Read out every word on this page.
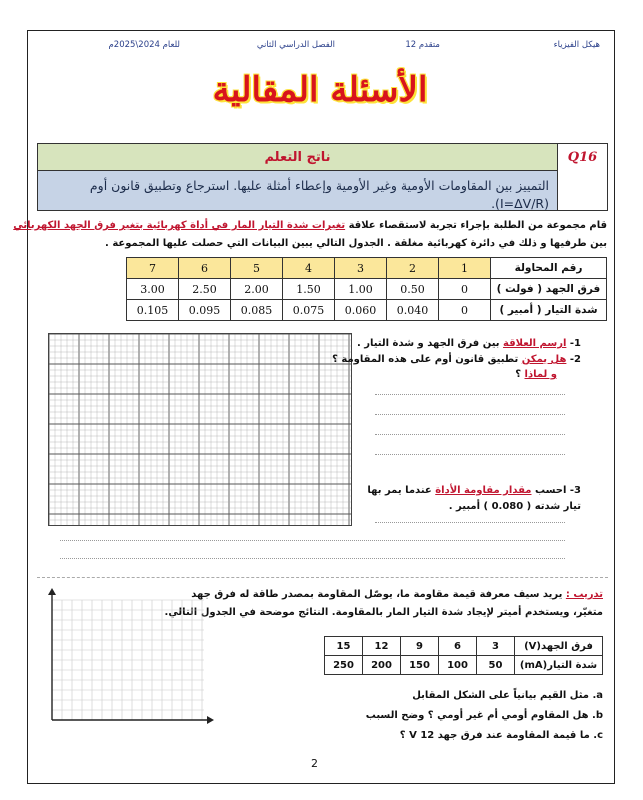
هيكل الفيزياء
12 متقدم
الفصل الدراسي الثاني
للعام 2024\2025م
الأسئلة المقالية
ناتج التعلم	Q16
التمييز بين المقاومات الأومية وغير الأومية وإعطاء أمثلة عليها. استرجاع وتطبيق قانون أوم (I=ΔV/R).
قام مجموعة من الطلبة بإجراء تجربة لاستقصاء علاقة تغيرات شدة التيار المار في أداة كهربائية بتغير فرق الجهد الكهربائي
بين طرفيها و ذلك في دائرة كهربائية مغلقة . الجدول التالي يبين البيانات التي حصلت عليها المجموعة .
رقم المحاولة	1	2	3	4	5	6	7
فرق الجهد ( فولت )	0	0.50	1.00	1.50	2.00	2.50	3.00
شدة التيار ( أمبير )	0	0.040	0.060	0.075	0.085	0.095	0.105
1- ارسم العلاقة بين فرق الجهد و شدة التيار .
2- هل يمكن تطبيق قانون أوم على هذه المقاومة ؟
و لماذا ؟
3- احسب مقدار مقاومة الأداة عندما يمر بها
تيار شدته ( 0.080 ) أمبير .
تدريب : يريد سيف معرفة قيمة مقاومة ما، يوصّل المقاومة بمصدر طاقة له فرق جهد
متغيّر، ويستخدم أميتر لإيجاد شدة التيار المار بالمقاومة. النتائج موضحة في الجدول التالي.
فرق الجهد(V)	3	6	9	12	15
شدة التيار(mA)	50	100	150	200	250
a. مثل القيم بيانياً على الشكل المقابل
b. هل المقاوم أومي أم غير أومي ؟ وضح السبب
c. ما قيمة المقاومة عند فرق جهد 12 V ؟
2
